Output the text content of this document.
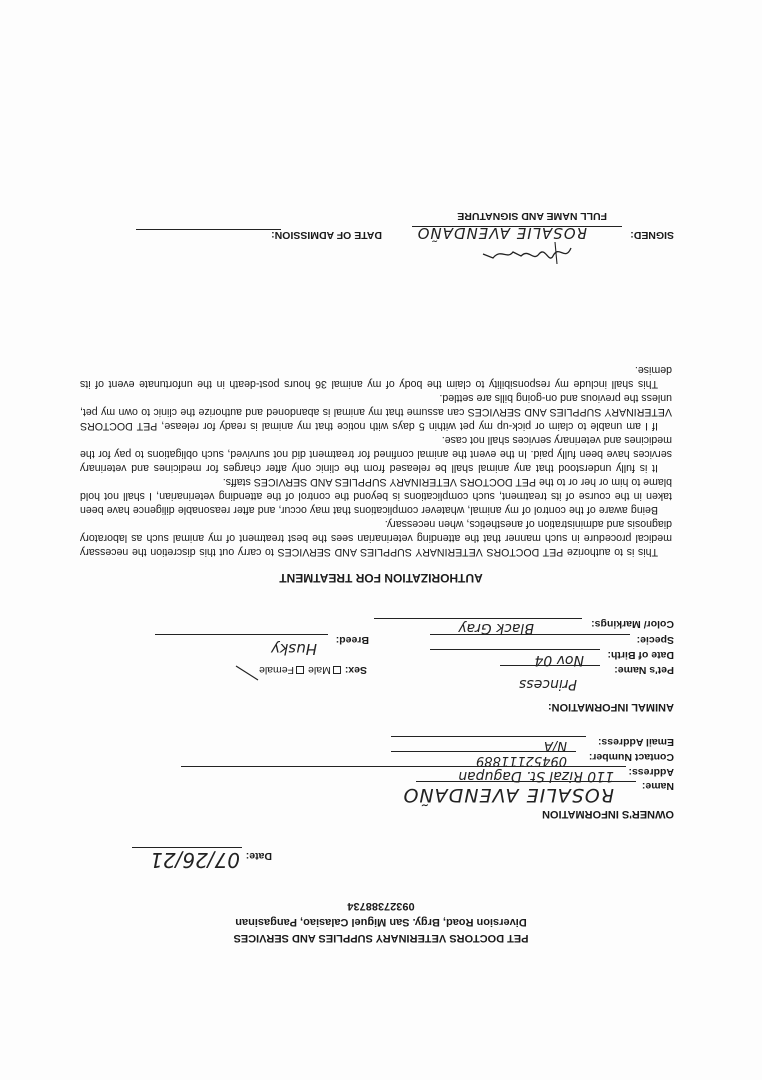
PET DOCTORS VETERINARY SUPPLIES AND SERVICES
Diversion Road, Brgy. San Miguel Calasiao, Pangasinan
09327388734
Date:
07/26/21
OWNER'S INFORMATION
Name:
ROSALIE AVENDAÑO
Address:
110 Rizal St. Dagupan
Contact Number:
09452111889
Email Address:
N/A
ANIMAL INFORMATION:
Pet's Name:
Princess
Sex:MaleFemale
Date of Birth:
Nov 04
Specie:
Breed:
Husky
Color/ Markings:
Black Gray
AUTHORIZATION FOR TREATMENT

This is to authorize PET DOCTORS VETERINARY SUPPLIES AND SERVICES to carry out this discretion the necessary medical procedure in such manner that the attending veterinarian sees the best treatment of my animal such as laboratory diagnosis and administration of anesthetics, when necessary.

Being aware of the control of my animal, whatever complications that may occur, and after reasonable diligence have been taken in the course of its treatment, such complications is beyond the control of the attending veterinarian, I shall not hold blame to him or her or to the PET DOCTORS VETERINARY SUPPLIES AND SERVICES staffs.

It is fully understood that any animal shall be released from the clinic only after charges for medicines and veterinary services have been fully paid. In the event the animal confined for treatment did not survived, such obligations to pay for the medicines and veterinary services shall not case.

If I am unable to claim or pick-up my pet within 5 days with notice that my animal is ready for release, PET DOCTORS VETERINARY SUPPLIES AND SERVICES can assume that my animal is abandoned and authorize the clinic to own my pet, unless the previous and on-going bills are settled.

This shall include my responsibility to claim the body of my animal 36 hours post-death in the unfortunate event of its demise.

ROSALIE AVENDAÑO	SIGNED:
FULL NAME AND SIGNATURE
DATE OF ADMISSION:
